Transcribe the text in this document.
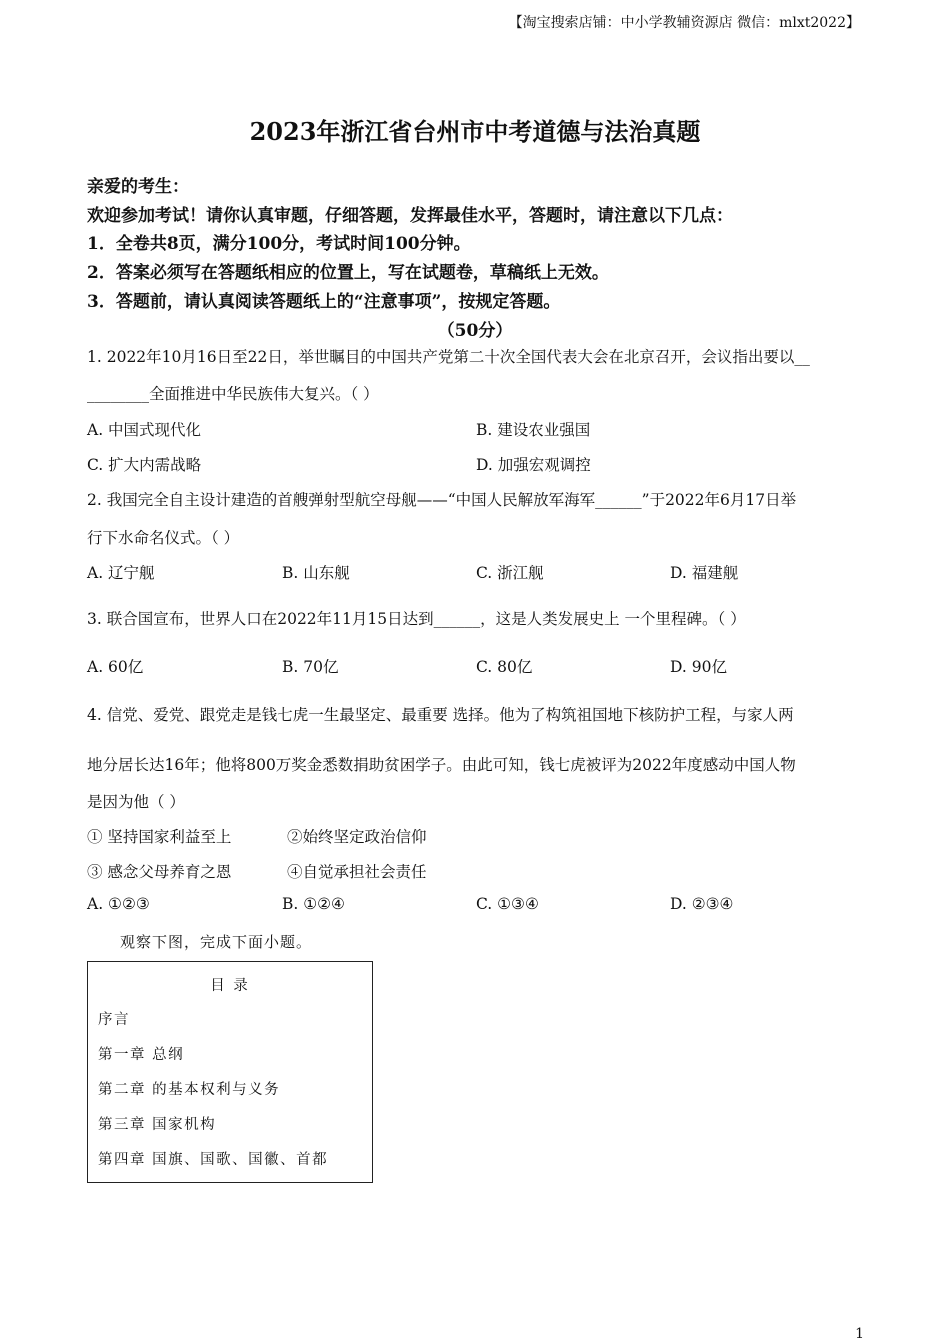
【淘宝搜索店铺：中小学教辅资源店 微信：mlxt2022】
2023年浙江省台州市中考道德与法治真题
亲爱的考生：
欢迎参加考试！请你认真审题，仔细答题，发挥最佳水平，答题时，请注意以下几点：
1．全卷共8页，满分100分，考试时间100分钟。
2．答案必须写在答题纸相应的位置上，写在试题卷，草稿纸上无效。
3．答题前，请认真阅读答题纸上的“注意事项”，按规定答题。
（50分）
1. 2022年10月16日至22日，举世瞩目的中国共产党第二十次全国代表大会在北京召开，会议指出要以__
________全面推进中华民族伟大复兴。（ ）
A. 中国式现代化	B. 建设农业强国
C. 扩大内需战略	D. 加强宏观调控
2. 我国完全自主设计建造的首艘弹射型航空母舰——“中国人民解放军海军______”于2022年6月17日举
行下水命名仪式。（ ）
A. 辽宁舰	B. 山东舰	C. 浙江舰	D. 福建舰
3. 联合国宣布，世界人口在2022年11月15日达到______，这是人类发展史上 一个里程碑。（ ）
A. 60亿	B. 70亿	C. 80亿	D. 90亿
4. 信党、爱党、跟党走是钱七虎一生最坚定、最重要 选择。他为了构筑祖国地下核防护工程，与家人两
地分居长达16年；他将800万奖金悉数捐助贫困学子。由此可知，钱七虎被评为2022年度感动中国人物
是因为他（ ）
① 坚持国家利益至上	②始终坚定政治信仰
③ 感念父母养育之恩	④自觉承担社会责任
A. ①②③	B. ①②④	C. ①③④	D. ②③④
观察下图，完成下面小题。
目 录
序言
第一章 总纲
第二章 的基本权利与义务
第三章 国家机构
第四章 国旗、国歌、国徽、首都
1
